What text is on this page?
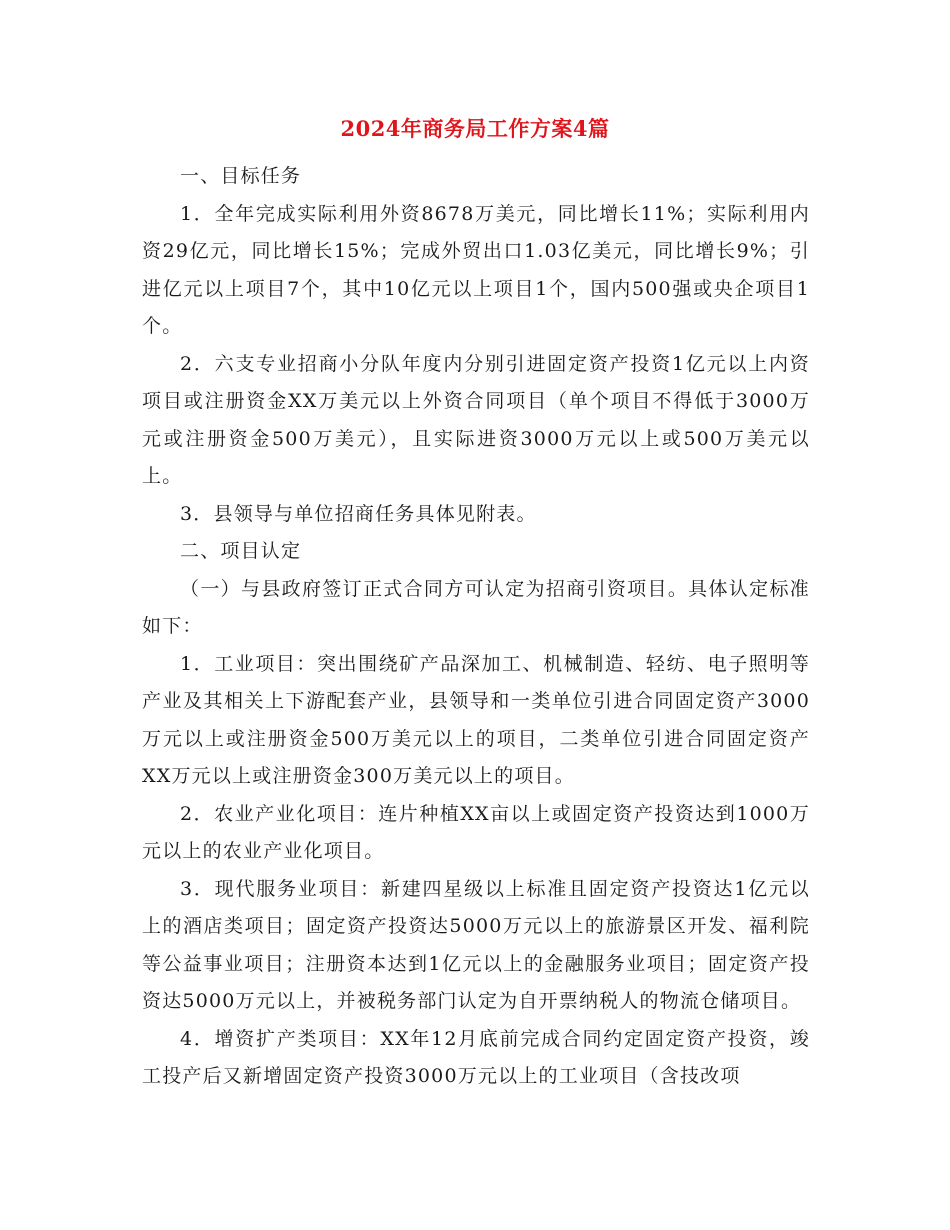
2024年商务局工作方案4篇

一、目标任务

1．全年完成实际利用外资8678万美元，同比增长11%；实际利用内资29亿元，同比增长15%；完成外贸出口1.03亿美元，同比增长9%；引进亿元以上项目7个，其中10亿元以上项目1个，国内500强或央企项目1个。

2．六支专业招商小分队年度内分别引进固定资产投资1亿元以上内资项目或注册资金XX万美元以上外资合同项目（单个项目不得低于3000万元或注册资金500万美元），且实际进资3000万元以上或500万美元以上。

3．县领导与单位招商任务具体见附表。

二、项目认定

（一）与县政府签订正式合同方可认定为招商引资项目。具体认定标准如下：

1．工业项目：突出围绕矿产品深加工、机械制造、轻纺、电子照明等产业及其相关上下游配套产业，县领导和一类单位引进合同固定资产3000万元以上或注册资金500万美元以上的项目，二类单位引进合同固定资产XX万元以上或注册资金300万美元以上的项目。

2．农业产业化项目：连片种植XX亩以上或固定资产投资达到1000万元以上的农业产业化项目。

3．现代服务业项目：新建四星级以上标准且固定资产投资达1亿元以上的酒店类项目；固定资产投资达5000万元以上的旅游景区开发、福利院等公益事业项目；注册资本达到1亿元以上的金融服务业项目；固定资产投资达5000万元以上，并被税务部门认定为自开票纳税人的物流仓储项目。

4．增资扩产类项目：XX年12月底前完成合同约定固定资产投资，竣工投产后又新增固定资产投资3000万元以上的工业项目（含技改项
